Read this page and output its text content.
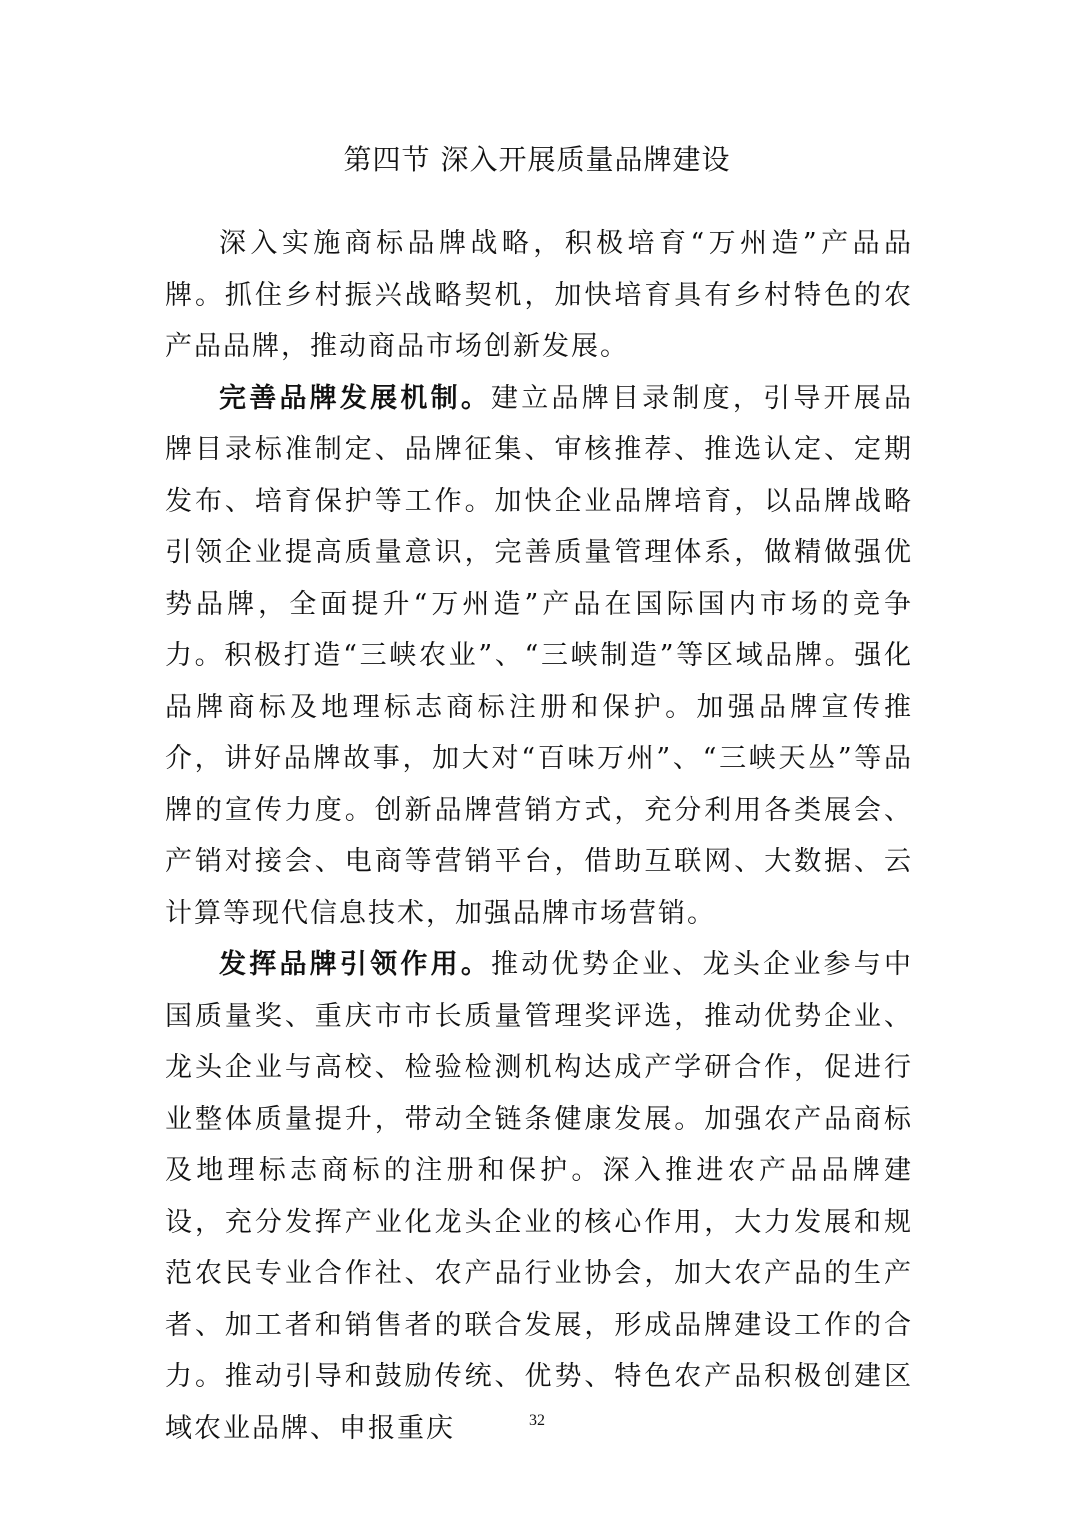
第四节 深入开展质量品牌建设

深入实施商标品牌战略，积极培育“万州造”产品品牌。抓住乡村振兴战略契机，加快培育具有乡村特色的农产品品牌，推动商品市场创新发展。

完善品牌发展机制。建立品牌目录制度，引导开展品牌目录标准制定、品牌征集、审核推荐、推选认定、定期发布、培育保护等工作。加快企业品牌培育，以品牌战略引领企业提高质量意识，完善质量管理体系，做精做强优势品牌，全面提升“万州造”产品在国际国内市场的竞争力。积极打造“三峡农业”、“三峡制造”等区域品牌。强化品牌商标及地理标志商标注册和保护。加强品牌宣传推介，讲好品牌故事，加大对“百味万州”、“三峡天丛”等品牌的宣传力度。创新品牌营销方式，充分利用各类展会、产销对接会、电商等营销平台，借助互联网、大数据、云计算等现代信息技术，加强品牌市场营销。

发挥品牌引领作用。推动优势企业、龙头企业参与中国质量奖、重庆市市长质量管理奖评选，推动优势企业、龙头企业与高校、检验检测机构达成产学研合作，促进行业整体质量提升，带动全链条健康发展。加强农产品商标及地理标志商标的注册和保护。深入推进农产品品牌建设，充分发挥产业化龙头企业的核心作用，大力发展和规范农民专业合作社、农产品行业协会，加大农产品的生产者、加工者和销售者的联合发展，形成品牌建设工作的合力。推动引导和鼓励传统、优势、特色农产品积极创建区域农业品牌、申报重庆	32
